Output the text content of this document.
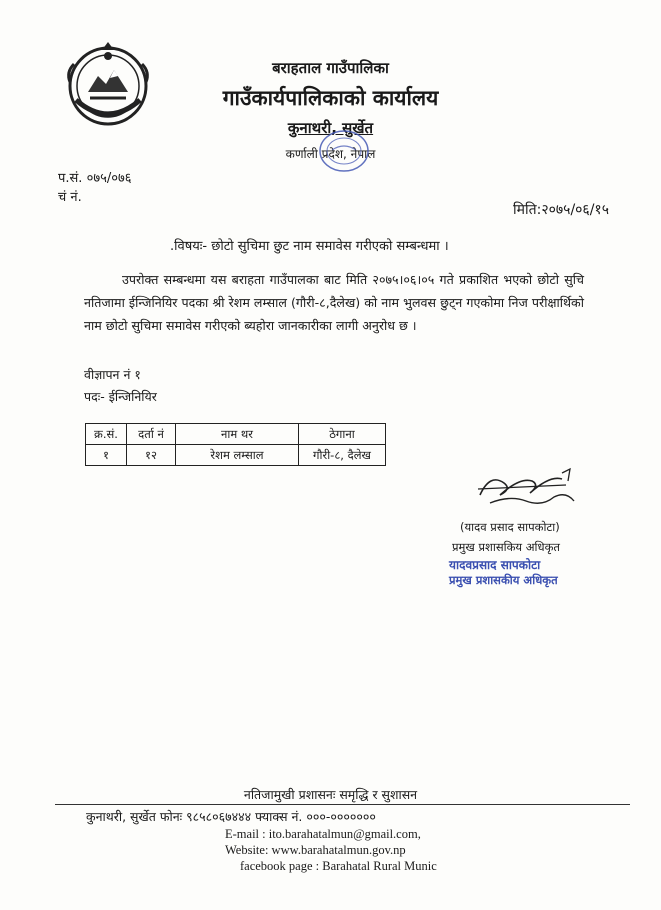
बराहताल गाउँपालिका
गाउँकार्यपालिकाको कार्यालय
कुनाथरी, सुर्खेत
कर्णाली प्रदेश, नेपाल
प.सं. ०७५/०७६
चं नं.
मिति:२०७५/०६/१५
.विषयः- छोटो सुचिमा छुट नाम समावेस गरीएको सम्बन्धमा ।
उपरोक्त सम्बन्धमा यस बराहता गाउँपालका बाट मिति २०७५।०६।०५ गते प्रकाशित भएको छोटो सुचि नतिजामा ईन्जिनियिर पदका श्री रेशम लम्साल (गौरी-८,दैलेख) को नाम भुलवस छुट्न गएकोमा निज परीक्षार्थिको नाम छोटो सुचिमा समावेस गरीएको ब्यहोरा जानकारीका लागी अनुरोध छ ।
वीज्ञापन नं १
पदः- ईन्जिनियिर
क्र.सं.	दर्ता नं	नाम थर	ठेगाना
१	१२	रेशम लम्साल	गौरी-८, दैलेख
(यादव प्रसाद सापकोटा)
प्रमुख प्रशासकिय अधिकृत
यादवप्रसाद सापकोटा
प्रमुख प्रशासकीय अधिकृत
नतिजामुखी प्रशासनः समृद्धि र सुशासन
कुनाथरी, सुर्खेत फोनः ९८५८०६७४४४ फ्याक्स नं. ०००-०००००००
E-mail : ito.barahatalmun@gmail.com,
Website: www.barahatalmun.gov.np
facebook page : Barahatal Rural Munic
